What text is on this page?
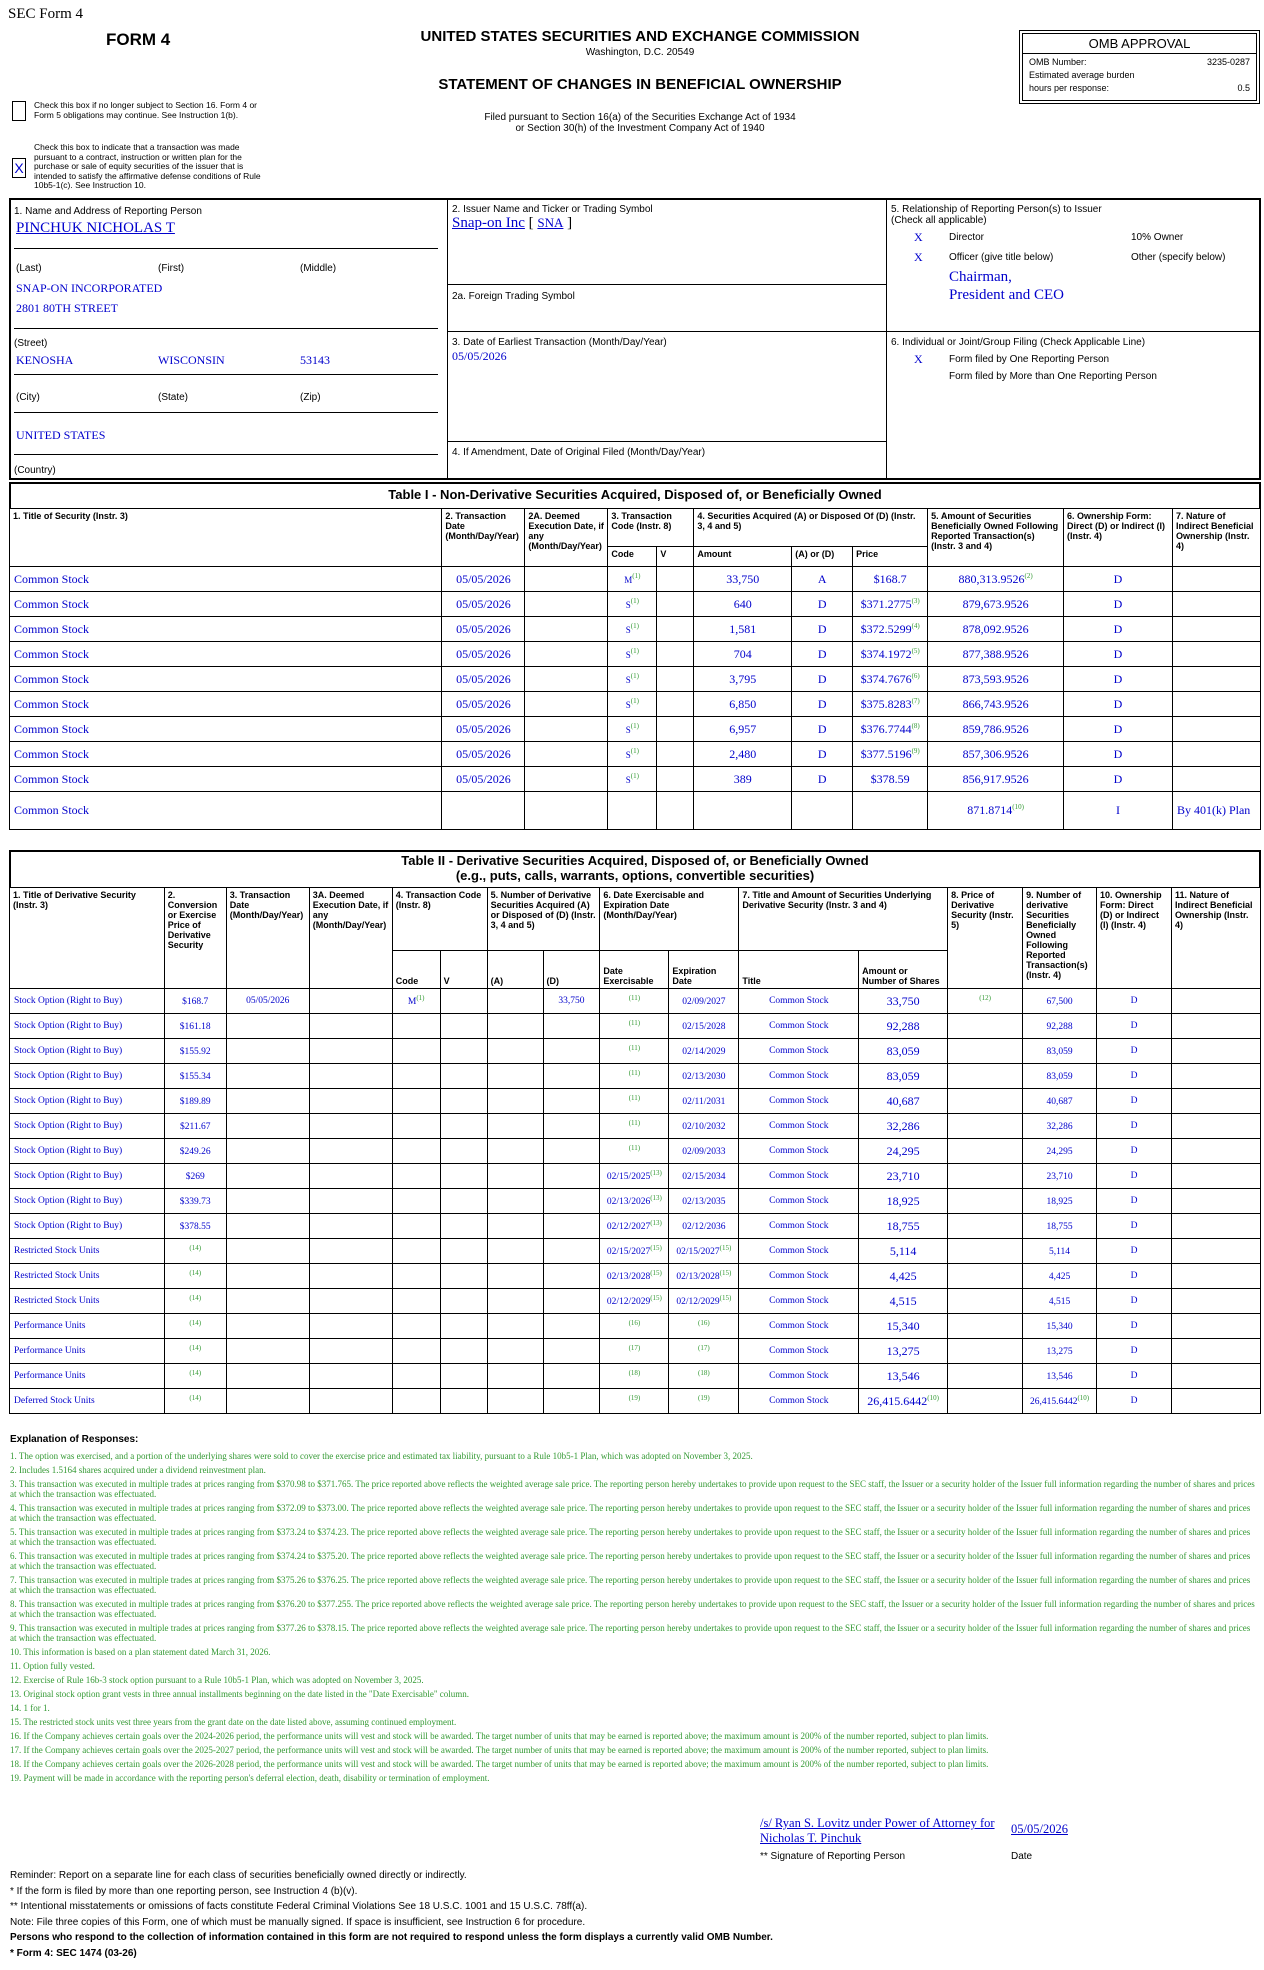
SEC Form 4
FORM 4	UNITED STATES SECURITIES AND EXCHANGE COMMISSION
Washington, D.C. 20549
STATEMENT OF CHANGES IN BENEFICIAL OWNERSHIP
Filed pursuant to Section 16(a) of the Securities Exchange Act of 1934
or Section 30(h) of the Investment Company Act of 1940
OMB APPROVAL
OMB Number:	3235-0287
Estimated average burden
hours per response:	0.5
Check this box if no longer subject to Section 16. Form 4 or Form 5 obligations may continue. See Instruction 1(b).
X
Check this box to indicate that a transaction was made pursuant to a contract, instruction or written plan for the purchase or sale of equity securities of the issuer that is intended to satisfy the affirmative defense conditions of Rule 10b5-1(c). See Instruction 10.
1. Name and Address of Reporting Person
PINCHUK NICHOLAS T
(Last)	(First)	(Middle)
SNAP-ON INCORPORATED
2801 80TH STREET
(Street)
KENOSHA	WISCONSIN	53143
(City)	(State)	(Zip)
UNITED STATES
(Country)
2. Issuer Name and Ticker or Trading Symbol
Snap-on Inc [ SNA ]
2a. Foreign Trading Symbol
3. Date of Earliest Transaction (Month/Day/Year)
05/05/2026
4. If Amendment, Date of Original Filed (Month/Day/Year)
5. Relationship of Reporting Person(s) to Issuer
(Check all applicable)
X	Director	10% Owner
X	Officer (give title below)	Other (specify below)
Chairman, President and CEO
6. Individual or Joint/Group Filing (Check Applicable Line)
X	Form filed by One Reporting Person
Form filed by More than One Reporting Person
Table I - Non-Derivative Securities Acquired, Disposed of, or Beneficially Owned
1. Title of Security (Instr. 3)	2. Transaction Date (Month/Day/Year)	2A. Deemed Execution Date, if any (Month/Day/Year)	3. Transaction Code (Instr. 8)		4. Securities Acquired (A) or Disposed Of (D) (Instr. 3, 4 and 5)			5. Amount of Securities Beneficially Owned Following Reported Transaction(s) (Instr. 3 and 4)	6. Ownership Form: Direct (D) or Indirect (I) (Instr. 4)	7. Nature of Indirect Beneficial Ownership (Instr. 4)
			Code	V	Amount	(A) or (D)	Price			
Common Stock	05/05/2026		$M^{(1)}$		33,750	A	$168.7	880,313.9526$^{(2)}$	D	
Common Stock	05/05/2026		$S^{(1)}$		640	D	$371.2775$^{(3)}$	879,673.9526	D	
Common Stock	05/05/2026		$S^{(1)}$		1,581	D	$372.5299$^{(4)}$	878,092.9526	D	
Common Stock	05/05/2026		$S^{(1)}$		704	D	$374.1972$^{(5)}$	877,388.9526	D	
Common Stock	05/05/2026		$S^{(1)}$		3,795	D	$374.7676$^{(6)}$	873,593.9526	D	
Common Stock	05/05/2026		$S^{(1)}$		6,850	D	$375.8283$^{(7)}$	866,743.9526	D	
Common Stock	05/05/2026		$S^{(1)}$		6,957	D	$376.7744$^{(8)}$	859,786.9526	D	
Common Stock	05/05/2026		$S^{(1)}$		2,480	D	$377.5196$^{(9)}$	857,306.9526	D	
Common Stock	05/05/2026		$S^{(1)}$		389	D	$378.59	856,917.9526	D	
Common Stock								871.8714$^{(10)}$	I	By 401(k) Plan
Table II - Derivative Securities Acquired, Disposed of, or Beneficially Owned
(e.g., puts, calls, warrants, options, convertible securities)
1. Title of Derivative Security (Instr. 3)	2. Conversion or Exercise Price of Derivative Security	3. Transaction Date (Month/Day/Year)	3A. Deemed Execution Date, if any (Month/Day/Year)	4. Transaction Code (Instr. 8)		5. Number of Derivative Securities Acquired (A) or Disposed of (D) (Instr. 3, 4 and 5)		6. Date Exercisable and Expiration Date (Month/Day/Year)		7. Title and Amount of Securities Underlying Derivative Security (Instr. 3 and 4)		8. Price of Derivative Security (Instr. 5)	9. Number of derivative Securities Beneficially Owned Following Reported Transaction(s) (Instr. 4)	10. Ownership Form: Direct (D) or Indirect (I) (Instr. 4)	11. Nature of Indirect Beneficial Ownership (Instr. 4)
				Code	V	(A)	(D)	Date Exercisable	Expiration Date	Title	Amount or Number of Shares				
Stock Option (Right to Buy)	$168.7	05/05/2026		$M^{(1)}$			33,750	$^{(11)}$	02/09/2027	Common Stock	33,750	$^{(12)}$	67,500	D	
Stock Option (Right to Buy)	$161.18							$^{(11)}$	02/15/2028	Common Stock	92,288		92,288	D	
Stock Option (Right to Buy)	$155.92							$^{(11)}$	02/14/2029	Common Stock	83,059		83,059	D	
Stock Option (Right to Buy)	$155.34							$^{(11)}$	02/13/2030	Common Stock	83,059		83,059	D	
Stock Option (Right to Buy)	$189.89							$^{(11)}$	02/11/2031	Common Stock	40,687		40,687	D	
Stock Option (Right to Buy)	$211.67							$^{(11)}$	02/10/2032	Common Stock	32,286		32,286	D	
Stock Option (Right to Buy)	$249.26							$^{(11)}$	02/09/2033	Common Stock	24,295		24,295	D	
Stock Option (Right to Buy)	$269							02/15/2025$^{(13)}$	02/15/2034	Common Stock	23,710		23,710	D	
Stock Option (Right to Buy)	$339.73							02/13/2026$^{(13)}$	02/13/2035	Common Stock	18,925		18,925	D	
Stock Option (Right to Buy)	$378.55							02/12/2027$^{(13)}$	02/12/2036	Common Stock	18,755		18,755	D	
Restricted Stock Units	$^{(14)}$							02/15/2027$^{(15)}$	02/15/2027$^{(15)}$	Common Stock	5,114		5,114	D	
Restricted Stock Units	$^{(14)}$							02/13/2028$^{(15)}$	02/13/2028$^{(15)}$	Common Stock	4,425		4,425	D	
Restricted Stock Units	$^{(14)}$							02/12/2029$^{(15)}$	02/12/2029$^{(15)}$	Common Stock	4,515		4,515	D	
Performance Units	$^{(14)}$							$^{(16)}$	$^{(16)}$	Common Stock	15,340		15,340	D	
Performance Units	$^{(14)}$							$^{(17)}$	$^{(17)}$	Common Stock	13,275		13,275	D	
Performance Units	$^{(14)}$							$^{(18)}$	$^{(18)}$	Common Stock	13,546		13,546	D	
Deferred Stock Units	$^{(14)}$							$^{(19)}$	$^{(19)}$	Common Stock	26,415.6442$^{(10)}$		26,415.6442$^{(10)}$	D	
Explanation of Responses:
1. The option was exercised, and a portion of the underlying shares were sold to cover the exercise price and estimated tax liability, pursuant to a Rule 10b5-1 Plan, which was adopted on November 3, 2025.
2. Includes 1.5164 shares acquired under a dividend reinvestment plan.
3. This transaction was executed in multiple trades at prices ranging from $370.98 to $371.765. The price reported above reflects the weighted average sale price. The reporting person hereby undertakes to provide upon request to the SEC staff, the Issuer or a security holder of the Issuer full information regarding the number of shares and prices at which the transaction was effectuated.
4. This transaction was executed in multiple trades at prices ranging from $372.09 to $373.00. The price reported above reflects the weighted average sale price. The reporting person hereby undertakes to provide upon request to the SEC staff, the Issuer or a security holder of the Issuer full information regarding the number of shares and prices at which the transaction was effectuated.
5. This transaction was executed in multiple trades at prices ranging from $373.24 to $374.23. The price reported above reflects the weighted average sale price. The reporting person hereby undertakes to provide upon request to the SEC staff, the Issuer or a security holder of the Issuer full information regarding the number of shares and prices at which the transaction was effectuated.
6. This transaction was executed in multiple trades at prices ranging from $374.24 to $375.20. The price reported above reflects the weighted average sale price. The reporting person hereby undertakes to provide upon request to the SEC staff, the Issuer or a security holder of the Issuer full information regarding the number of shares and prices at which the transaction was effectuated.
7. This transaction was executed in multiple trades at prices ranging from $375.26 to $376.25. The price reported above reflects the weighted average sale price. The reporting person hereby undertakes to provide upon request to the SEC staff, the Issuer or a security holder of the Issuer full information regarding the number of shares and prices at which the transaction was effectuated.
8. This transaction was executed in multiple trades at prices ranging from $376.20 to $377.255. The price reported above reflects the weighted average sale price. The reporting person hereby undertakes to provide upon request to the SEC staff, the Issuer or a security holder of the Issuer full information regarding the number of shares and prices at which the transaction was effectuated.
9. This transaction was executed in multiple trades at prices ranging from $377.26 to $378.15. The price reported above reflects the weighted average sale price. The reporting person hereby undertakes to provide upon request to the SEC staff, the Issuer or a security holder of the Issuer full information regarding the number of shares and prices at which the transaction was effectuated.
10. This information is based on a plan statement dated March 31, 2026.
11. Option fully vested.
12. Exercise of Rule 16b-3 stock option pursuant to a Rule 10b5-1 Plan, which was adopted on November 3, 2025.
13. Original stock option grant vests in three annual installments beginning on the date listed in the "Date Exercisable" column.
14. 1 for 1.
15. The restricted stock units vest three years from the grant date on the date listed above, assuming continued employment.
16. If the Company achieves certain goals over the 2024-2026 period, the performance units will vest and stock will be awarded. The target number of units that may be earned is reported above; the maximum amount is 200% of the number reported, subject to plan limits.
17. If the Company achieves certain goals over the 2025-2027 period, the performance units will vest and stock will be awarded. The target number of units that may be earned is reported above; the maximum amount is 200% of the number reported, subject to plan limits.
18. If the Company achieves certain goals over the 2026-2028 period, the performance units will vest and stock will be awarded. The target number of units that may be earned is reported above; the maximum amount is 200% of the number reported, subject to plan limits.
19. Payment will be made in accordance with the reporting person's deferral election, death, disability or termination of employment.
/s/ Ryan S. Lovitz under Power of Attorney for Nicholas T. Pinchuk
05/05/2026
** Signature of Reporting Person	Date
Reminder: Report on a separate line for each class of securities beneficially owned directly or indirectly.
* If the form is filed by more than one reporting person, see Instruction 4 (b)(v).
** Intentional misstatements or omissions of facts constitute Federal Criminal Violations See 18 U.S.C. 1001 and 15 U.S.C. 78ff(a).
Note: File three copies of this Form, one of which must be manually signed. If space is insufficient, see Instruction 6 for procedure.
Persons who respond to the collection of information contained in this form are not required to respond unless the form displays a currently valid OMB Number.
* Form 4: SEC 1474 (03-26)
